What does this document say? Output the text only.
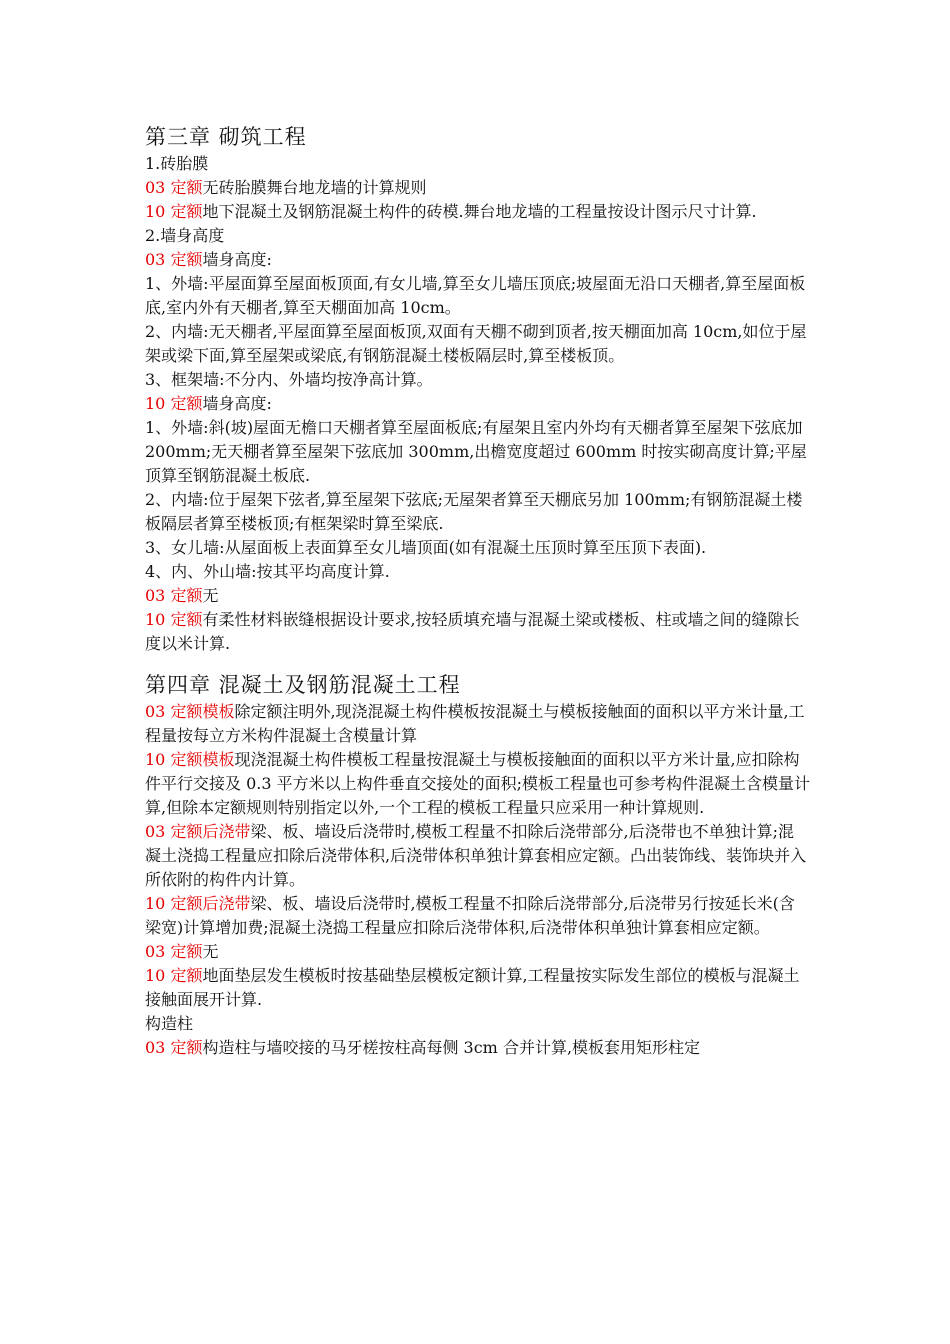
第三章 砌筑工程
1.砖胎膜

03 定额无砖胎膜舞台地龙墙的计算规则

10 定额地下混凝土及钢筋混凝土构件的砖模.舞台地龙墙的工程量按设计图示尺寸计算.

2.墙身高度

03 定额墙身高度:

1、外墙:平屋面算至屋面板顶面,有女儿墙,算至女儿墙压顶底;坡屋面无沿口天棚者,算至屋面板底,室内外有天棚者,算至天棚面加高 10cm。

2、内墙:无天棚者,平屋面算至屋面板顶,双面有天棚不砌到顶者,按天棚面加高 10cm,如位于屋架或梁下面,算至屋架或梁底,有钢筋混凝土楼板隔层时,算至楼板顶。

3、框架墙:不分内、外墙均按净高计算。

10 定额墙身高度:

1、外墙:斜(坡)屋面无檐口天棚者算至屋面板底;有屋架且室内外均有天棚者算至屋架下弦底加 200mm;无天棚者算至屋架下弦底加 300mm,出檐宽度超过 600mm 时按实砌高度计算;平屋顶算至钢筋混凝土板底.

2、内墙:位于屋架下弦者,算至屋架下弦底;无屋架者算至天棚底另加 100mm;有钢筋混凝土楼板隔层者算至楼板顶;有框架梁时算至梁底.

3、女儿墙:从屋面板上表面算至女儿墙顶面(如有混凝土压顶时算至压顶下表面).

4、内、外山墙:按其平均高度计算.

03 定额无

10 定额有柔性材料嵌缝根据设计要求,按轻质填充墙与混凝土梁或楼板、柱或墙之间的缝隙长度以米计算.

第四章 混凝土及钢筋混凝土工程

03 定额模板除定额注明外,现浇混凝土构件模板按混凝土与模板接触面的面积以平方米计量,工程量按每立方米构件混凝土含模量计算

10 定额模板现浇混凝土构件模板工程量按混凝土与模板接触面的面积以平方米计量,应扣除构件平行交接及 0.3 平方米以上构件垂直交接处的面积;模板工程量也可参考构件混凝土含模量计算,但除本定额规则特别指定以外,一个工程的模板工程量只应采用一种计算规则.

03 定额后浇带梁、板、墙设后浇带时,模板工程量不扣除后浇带部分,后浇带也不单独计算;混凝土浇捣工程量应扣除后浇带体积,后浇带体积单独计算套相应定额。凸出装饰线、装饰块并入所依附的构件内计算。

10 定额后浇带梁、板、墙设后浇带时,模板工程量不扣除后浇带部分,后浇带另行按延长米(含梁宽)计算增加费;混凝土浇捣工程量应扣除后浇带体积,后浇带体积单独计算套相应定额。

03 定额无

10 定额地面垫层发生模板时按基础垫层模板定额计算,工程量按实际发生部位的模板与混凝土接触面展开计算.

构造柱

03 定额构造柱与墙咬接的马牙槎按柱高每侧 3cm 合并计算,模板套用矩形柱定
